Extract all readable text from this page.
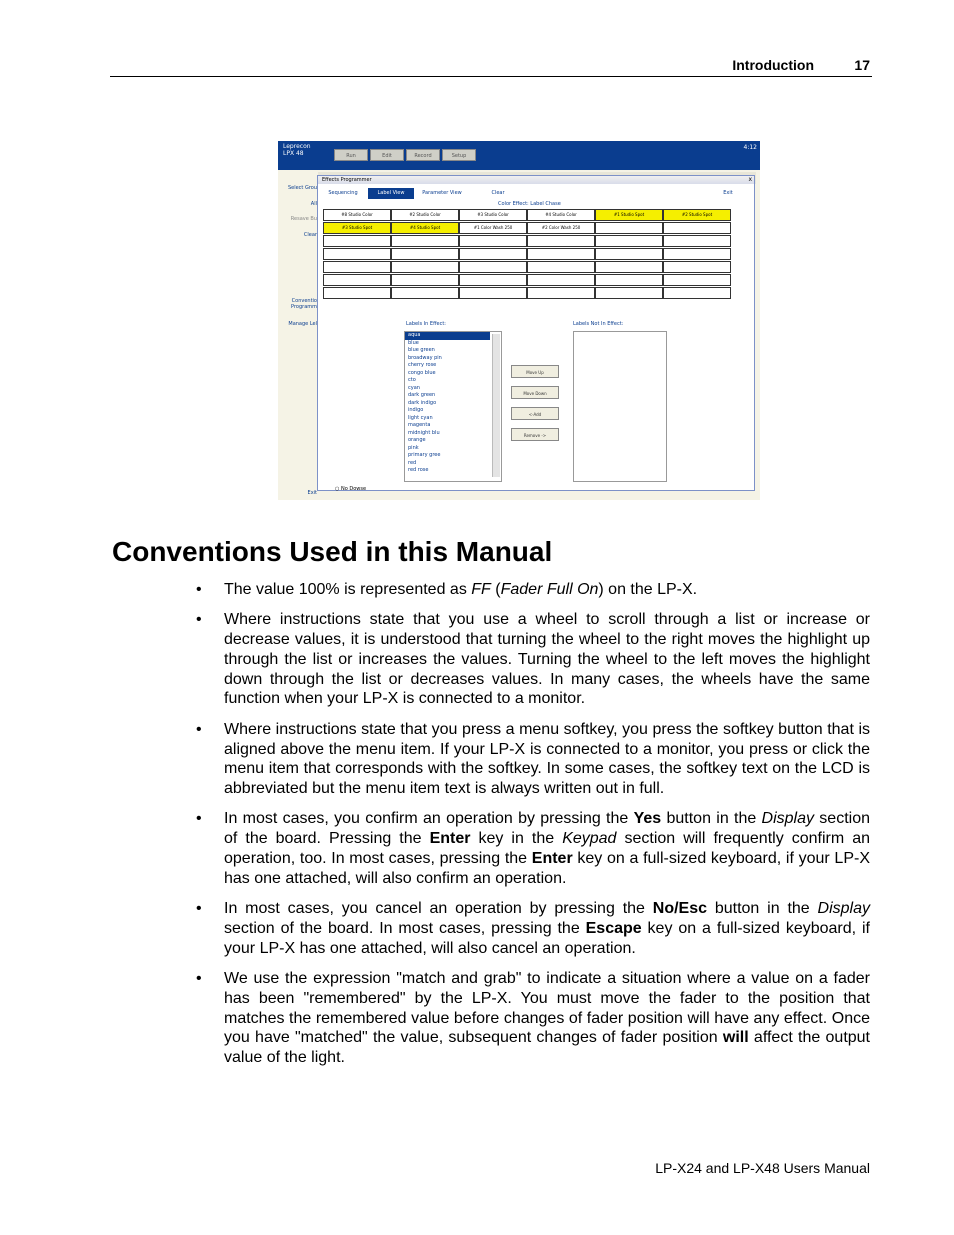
Introduction	17
Leprecon LPX 48
4:12
Run	Edit	Record	Setup
Select Grou
All
Resave Bu
Clear
Conventio Programm
Manage Lel
Exit
Effects Programmer	x
Sequencing	Label View	Parameter View	Clear	Exit
Color Effect: Label Chase
#8 Studio Color	#2 Studio Color	#3 Studio Color	#4 Studio Color	#1 Studio Spot	#2 Studio Spot
#3 Studio Spot	#4 Studio Spot	#1 Color Wash 250	#2 Color Wash 250
Labels In Effect:
aqua
blue
blue green
broadway pin
cherry rose
congo blue
cto
cyan
dark green
dark indigo
indigo
light cyan
magenta
midnight blu
orange
pink
primary gree
red
red rose
Move Up
Move Down
<-Add
Remove ->
Labels Not In Effect:
○ No Dowse
Conventions Used in this Manual
• The value 100% is represented as FF (Fader Full On) on the LP-X.
• Where instructions state that you use a wheel to scroll through a list or increase or decrease values, it is understood that turning the wheel to the right moves the highlight up through the list or increases the values. Turning the wheel to the left moves the highlight down through the list or decreases values. In many cases, the wheels have the same function when your LP-X is connected to a monitor.
• Where instructions state that you press a menu softkey, you press the softkey button that is aligned above the menu item. If your LP-X is connected to a monitor, you press or click the menu item that corresponds with the softkey. In some cases, the softkey text on the LCD is abbreviated but the menu item text is always written out in full.
• In most cases, you confirm an operation by pressing the Yes button in the Display section of the board. Pressing the Enter key in the Keypad section will frequently confirm an operation, too. In most cases, pressing the Enter key on a full-sized keyboard, if your LP-X has one attached, will also confirm an operation.
• In most cases, you cancel an operation by pressing the No/Esc button in the Display section of the board. In most cases, pressing the Escape key on a full-sized keyboard, if your LP-X has one attached, will also cancel an operation.
• We use the expression "match and grab" to indicate a situation where a value on a fader has been "remembered" by the LP-X. You must move the fader to the position that matches the remembered value before changes of fader position will have any effect. Once you have "matched" the value, subsequent changes of fader position will affect the output value of the light.
LP-X24 and LP-X48 Users Manual
